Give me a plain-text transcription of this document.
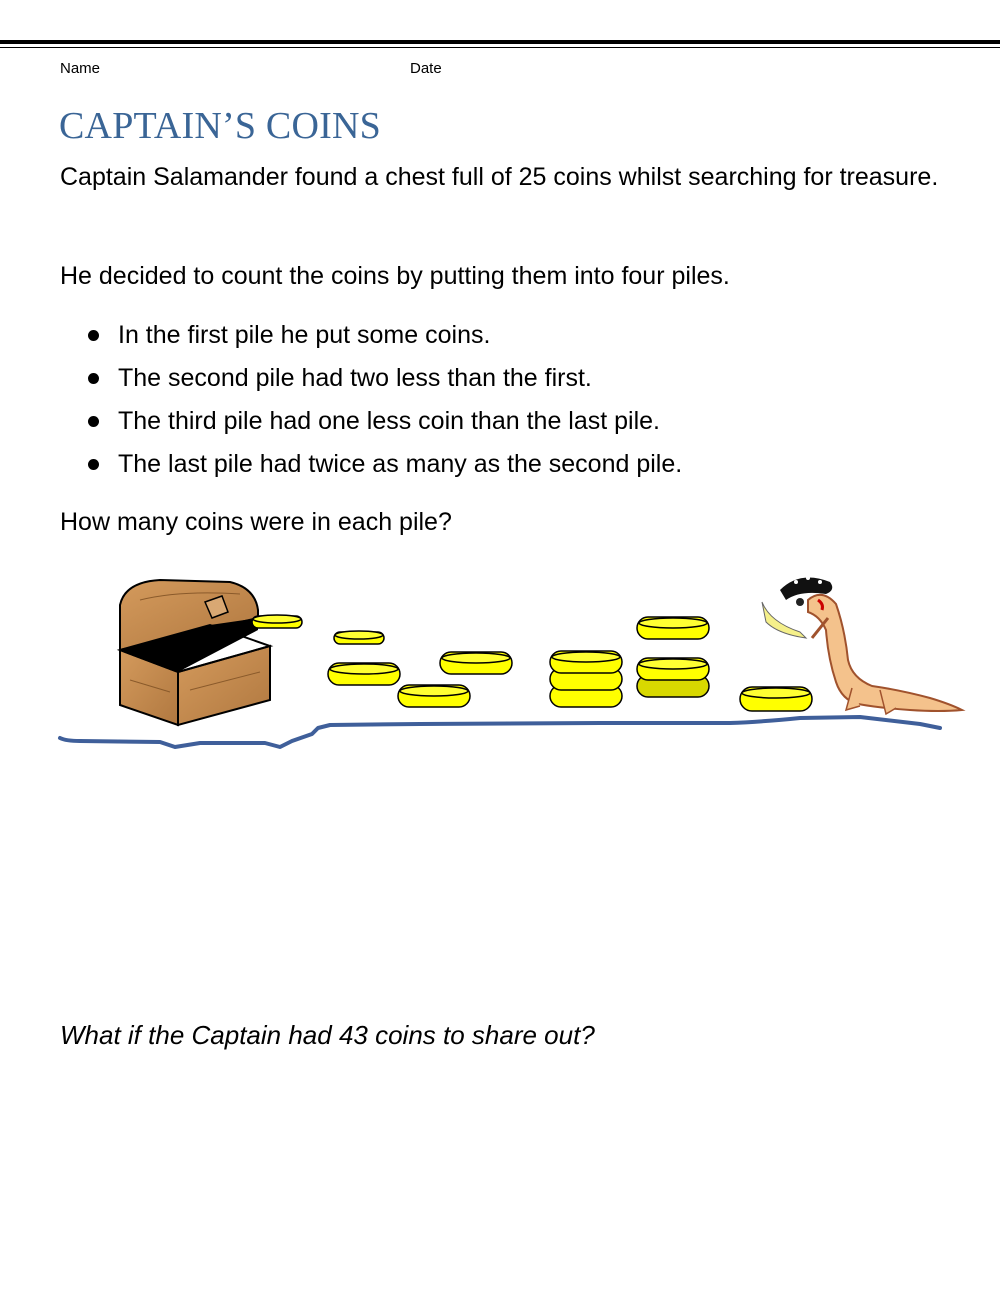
Name	Date
CAPTAIN’S COINS

Captain Salamander found a chest full of 25 coins whilst searching for treasure.

He decided to count the coins by putting them into four piles.

In the first pile he put some coins.
The second pile had two less than the first.
The third pile had one less coin than the last pile.
The last pile had twice as many as the second pile.

How many coins were in each pile?

What if the Captain had 43 coins to share out?
